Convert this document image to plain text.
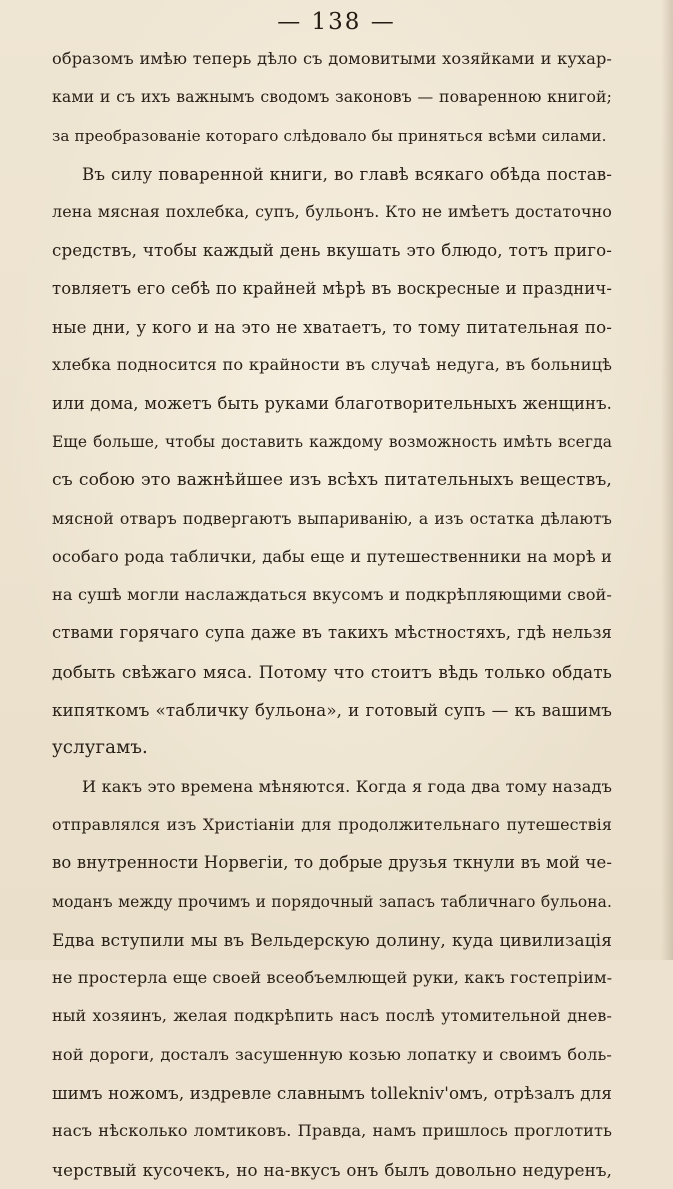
— 138 —
образомъ имѣю теперь дѣло съ домовитыми хозяйками и кухар-
ками и съ ихъ важнымъ сводомъ законовъ — поваренною книгой;
за преобразованіе котораго слѣдовало бы приняться всѣми силами.
Въ силу поваренной книги, во главѣ всякаго обѣда постав-
лена мясная похлебка, супъ, бульонъ. Кто не имѣетъ достаточно
средствъ, чтобы каждый день вкушать это блюдо, тотъ приго-
товляетъ его себѣ по крайней мѣрѣ въ воскресные и празднич-
ные дни, у кого и на это не хватаетъ, то тому питательная по-
хлебка подносится по крайности въ случаѣ недуга, въ больницѣ
или дома, можетъ быть руками благотворительныхъ женщинъ.
Еще больше, чтобы доставить каждому возможность имѣть всегда
съ собою это важнѣйшее изъ всѣхъ питательныхъ веществъ,
мясной отваръ подвергаютъ выпариванію, а изъ остатка дѣлаютъ
особаго рода таблички, дабы еще и путешественники на морѣ и
на сушѣ могли наслаждаться вкусомъ и подкрѣпляющими свой-
ствами горячаго супа даже въ такихъ мѣстностяхъ, гдѣ нельзя
добыть свѣжаго мяса. Потому что стоитъ вѣдь только обдать
кипяткомъ «табличку бульона», и готовый супъ — къ вашимъ
услугамъ.
И какъ это времена мѣняются. Когда я года два тому назадъ
отправлялся изъ Христіаніи для продолжительнаго путешествія
во внутренности Норвегіи, то добрые друзья ткнули въ мой че-
моданъ между прочимъ и порядочный запасъ табличнаго бульона.
Едва вступили мы въ Вельдерскую долину, куда цивилизація
не простерла еще своей всеобъемлющей руки, какъ гостепріим-
ный хозяинъ, желая подкрѣпить насъ послѣ утомительной днев-
ной дороги, досталъ засушенную козью лопатку и своимъ боль-
шимъ ножомъ, издревле славнымъ tollekniv'омъ, отрѣзалъ для
насъ нѣсколько ломтиковъ. Правда, намъ пришлось проглотить
черствый кусочекъ, но на-вкусъ онъ былъ довольно недуренъ,
